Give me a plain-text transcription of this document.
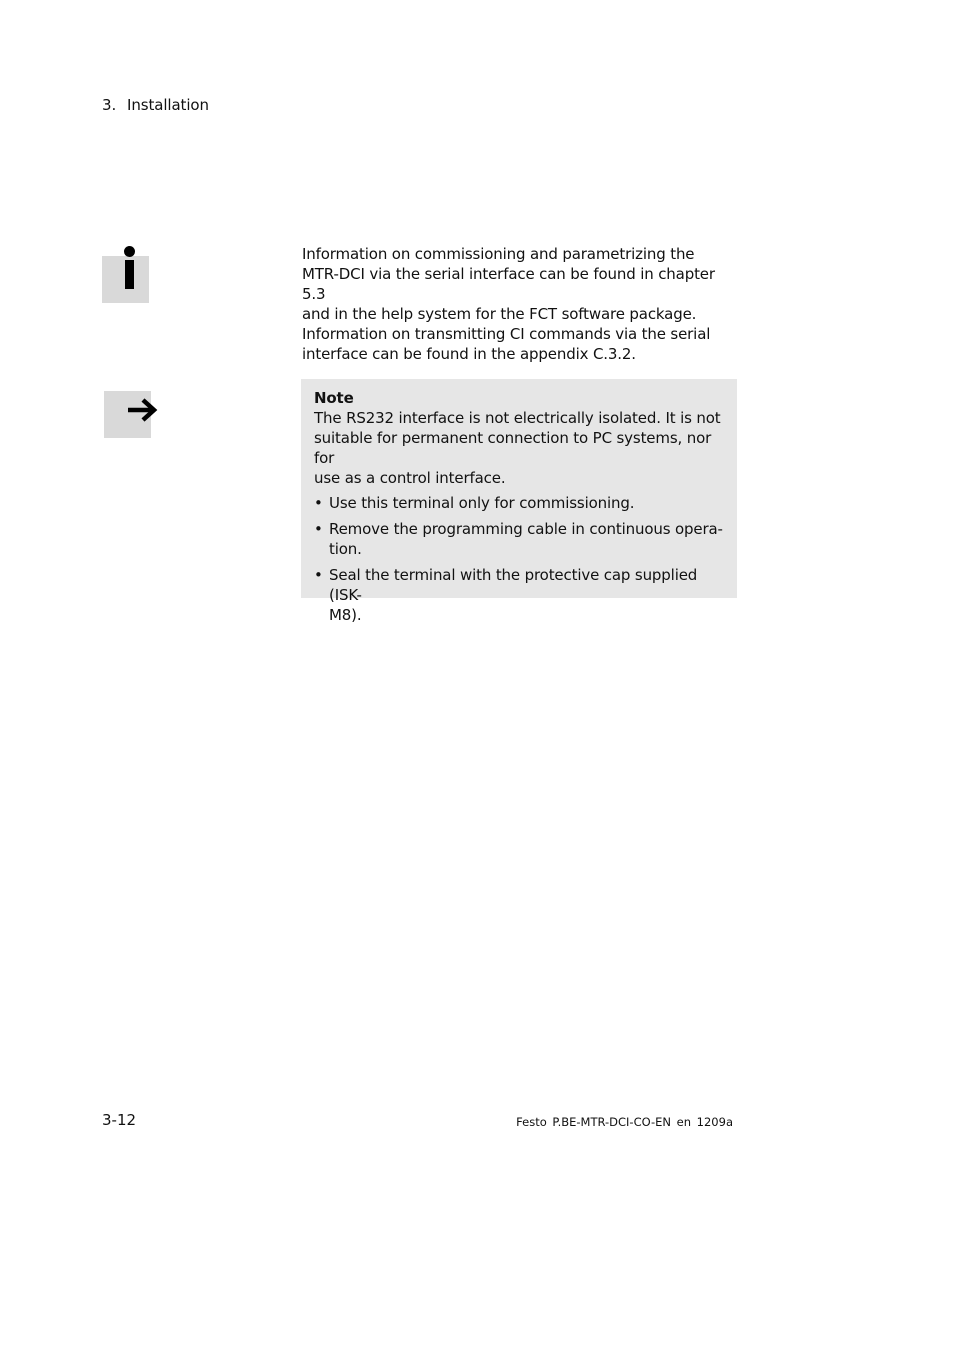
3. Installation

Information on commissioning and parametrizing the

MTR-DCI via the serial interface can be found in chapter 5.3

and in the help system for the FCT software package.

Information on transmitting CI commands via the serial

interface can be found in the appendix C.3.2.

Note
The RS232 interface is not electrically isolated. It is not
suitable for permanent connection to PC systems, nor for
use as a control interface.
• Use this terminal only for commissioning.
• Remove the programming cable in continuous opera-
tion.
• Seal the terminal with the protective cap supplied (ISK-
M8).
3-12	Festo P.BE-MTR-DCI-CO-EN en 1209a
